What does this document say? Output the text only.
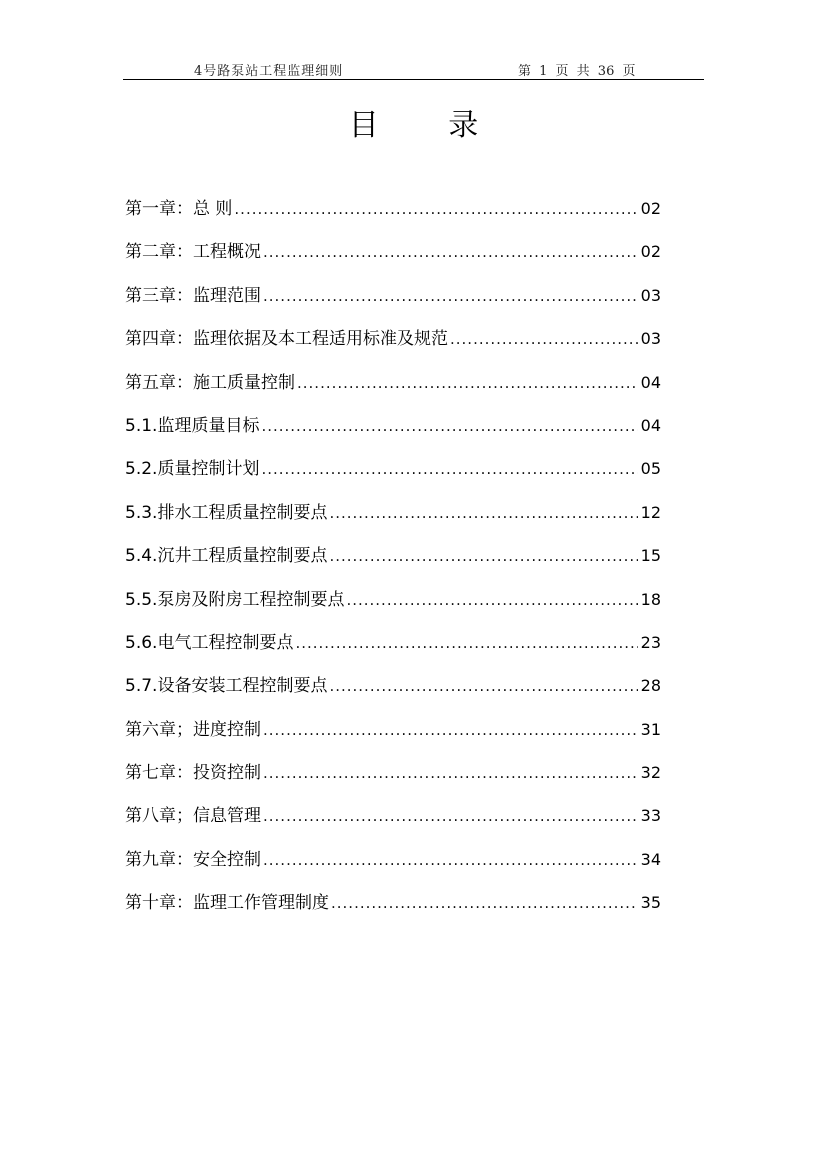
4号路泵站工程监理细则	第 1 页 共 36 页
目 录
第一章：总 则 .....	02
第二章：工程概况 .....	02
第三章：监理范围 .....	03
第四章：监理依据及本工程适用标准及规范 .....	03
第五章：施工质量控制 .....	04
5.1.监理质量目标 .....	04
5.2.质量控制计划 .....	05
5.3.排水工程质量控制要点 .....	12
5.4.沉井工程质量控制要点 .....	15
5.5.泵房及附房工程控制要点 .....	18
5.6.电气工程控制要点 .....	23
5.7.设备安装工程控制要点 .....	28
第六章；进度控制 .....	31
第七章：投资控制 .....	32
第八章；信息管理 .....	33
第九章：安全控制 .....	34
第十章：监理工作管理制度 .....	35
